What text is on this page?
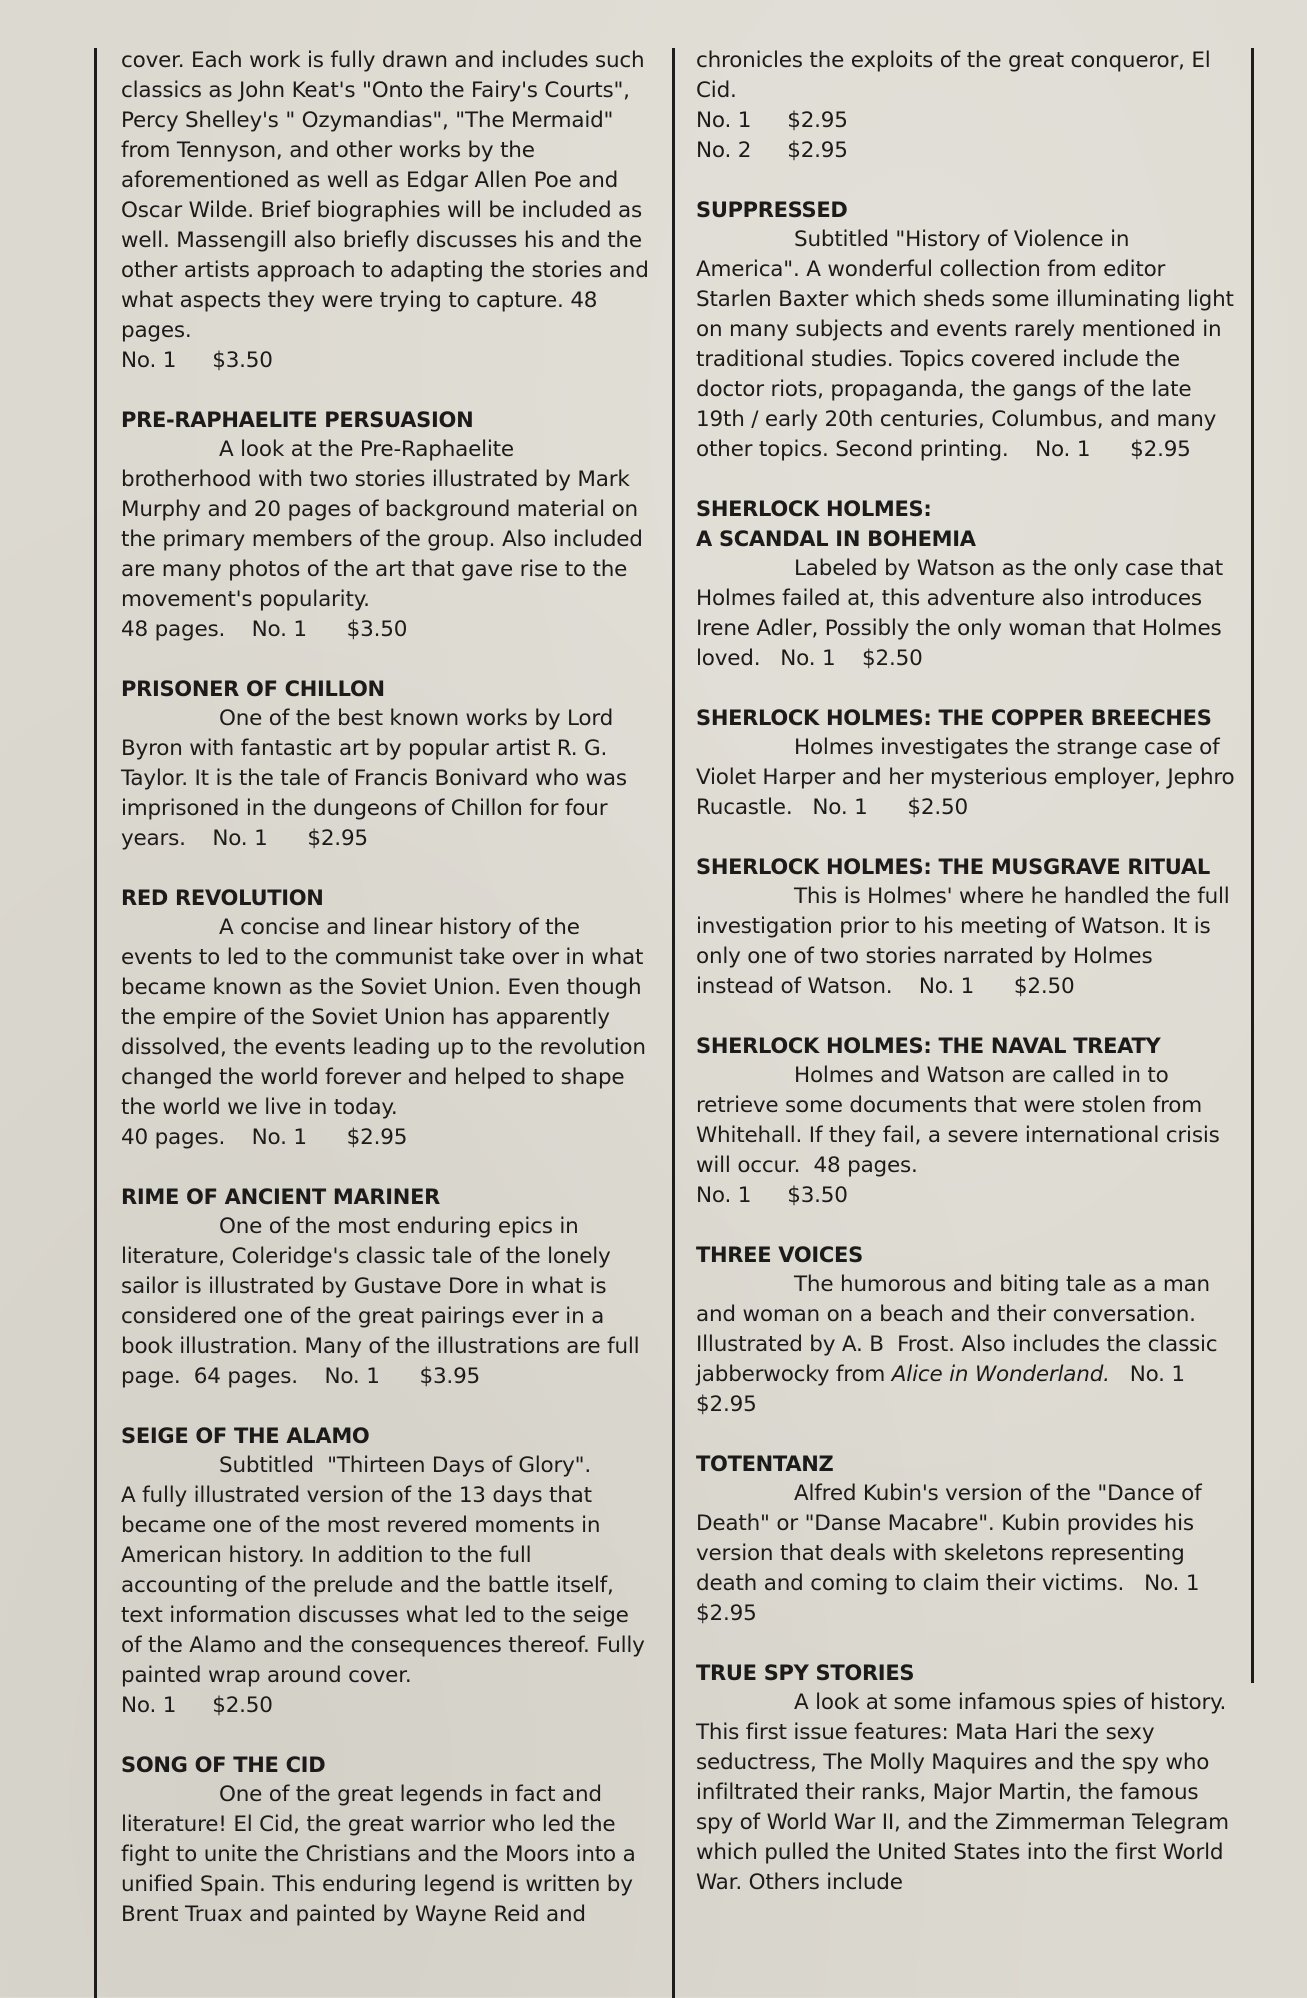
cover. Each work is fully drawn and includes such classics as John Keat's "Onto the Fairy's Courts", Percy Shelley's " Ozymandias", "The Mermaid" from Tennyson, and other works by the aforementioned as well as Edgar Allen Poe and Oscar Wilde. Brief biographies will be included as well. Massengill also briefly discusses his and the other artists approach to adapting the stories and what aspects they were trying to capture. 48 pages.
No. 1 $3.50
PRE-RAPHAELITE PERSUASION
A look at the Pre-Raphaelite brotherhood with two stories illustrated by Mark Murphy and 20 pages of background material on the primary members of the group. Also included are many photos of the art that gave rise to the movement's popularity.
48 pages.    No. 1      $3.50
PRISONER OF CHILLON
One of the best known works by Lord Byron with fantastic art by popular artist R. G. Taylor. It is the tale of Francis Bonivard who was imprisoned in the dungeons of Chillon for four years.    No. 1      $2.95
RED REVOLUTION
A concise and linear history of the events to led to the communist take over in what became known as the Soviet Union. Even though the empire of the Soviet Union has apparently dissolved, the events leading up to the revolution changed the world forever and helped to shape the world we live in today.
40 pages.    No. 1      $2.95
RIME OF ANCIENT MARINER
One of the most enduring epics in literature, Coleridge's classic tale of the lonely sailor is illustrated by Gustave Dore in what is considered one of the great pairings ever in a book illustration. Many of the illustrations are full page.  64 pages.    No. 1      $3.95
SEIGE OF THE ALAMO
Subtitled  "Thirteen Days of Glory".
A fully illustrated version of the 13 days that became one of the most revered moments in American history. In addition to the full accounting of the prelude and the battle itself, text information discusses what led to the seige of the Alamo and the consequences thereof. Fully painted wrap around cover.
No. 1 $2.50
SONG OF THE CID
One of the great legends in fact and literature! El Cid, the great warrior who led the fight to unite the Christians and the Moors into a unified Spain. This enduring legend is written by Brent Truax and painted by Wayne Reid and
chronicles the exploits of the great conqueror, El Cid.
No. 1 $2.95
No. 2 $2.95
SUPPRESSED
Subtitled "History of Violence in America". A wonderful collection from editor Starlen Baxter which sheds some illuminating light on many subjects and events rarely mentioned in traditional studies. Topics covered include the doctor riots, propaganda, the gangs of the late 19th / early 20th centuries, Columbus, and many other topics. Second printing.    No. 1      $2.95
SHERLOCK HOLMES:
A SCANDAL IN BOHEMIA
Labeled by Watson as the only case that Holmes failed at, this adventure also introduces Irene Adler, Possibly the only woman that Holmes loved.   No. 1    $2.50
SHERLOCK HOLMES: THE COPPER BREECHES
Holmes investigates the strange case of Violet Harper and her mysterious employer, Jephro Rucastle.   No. 1      $2.50
SHERLOCK HOLMES: THE MUSGRAVE RITUAL
This is Holmes' where he handled the full investigation prior to his meeting of Watson. It is only one of two stories narrated by Holmes instead of Watson.    No. 1      $2.50
SHERLOCK HOLMES: THE NAVAL TREATY
Holmes and Watson are called in to retrieve some documents that were stolen from Whitehall. If they fail, a severe international crisis will occur.  48 pages.
No. 1 $3.50
THREE VOICES
The humorous and biting tale as a man and woman on a beach and their conversation. Illustrated by A. B  Frost. Also includes the classic jabberwocky from Alice in Wonderland. No. 1      $2.95
TOTENTANZ
Alfred Kubin's version of the "Dance of Death" or "Danse Macabre". Kubin provides his version that deals with skeletons representing death and coming to claim their victims.   No. 1      $2.95
TRUE SPY STORIES
A look at some infamous spies of history. This first issue features: Mata Hari the sexy seductress, The Molly Maquires and the spy who infiltrated their ranks, Major Martin, the famous spy of World War II, and the Zimmerman Telegram which pulled the United States into the first World War. Others include
